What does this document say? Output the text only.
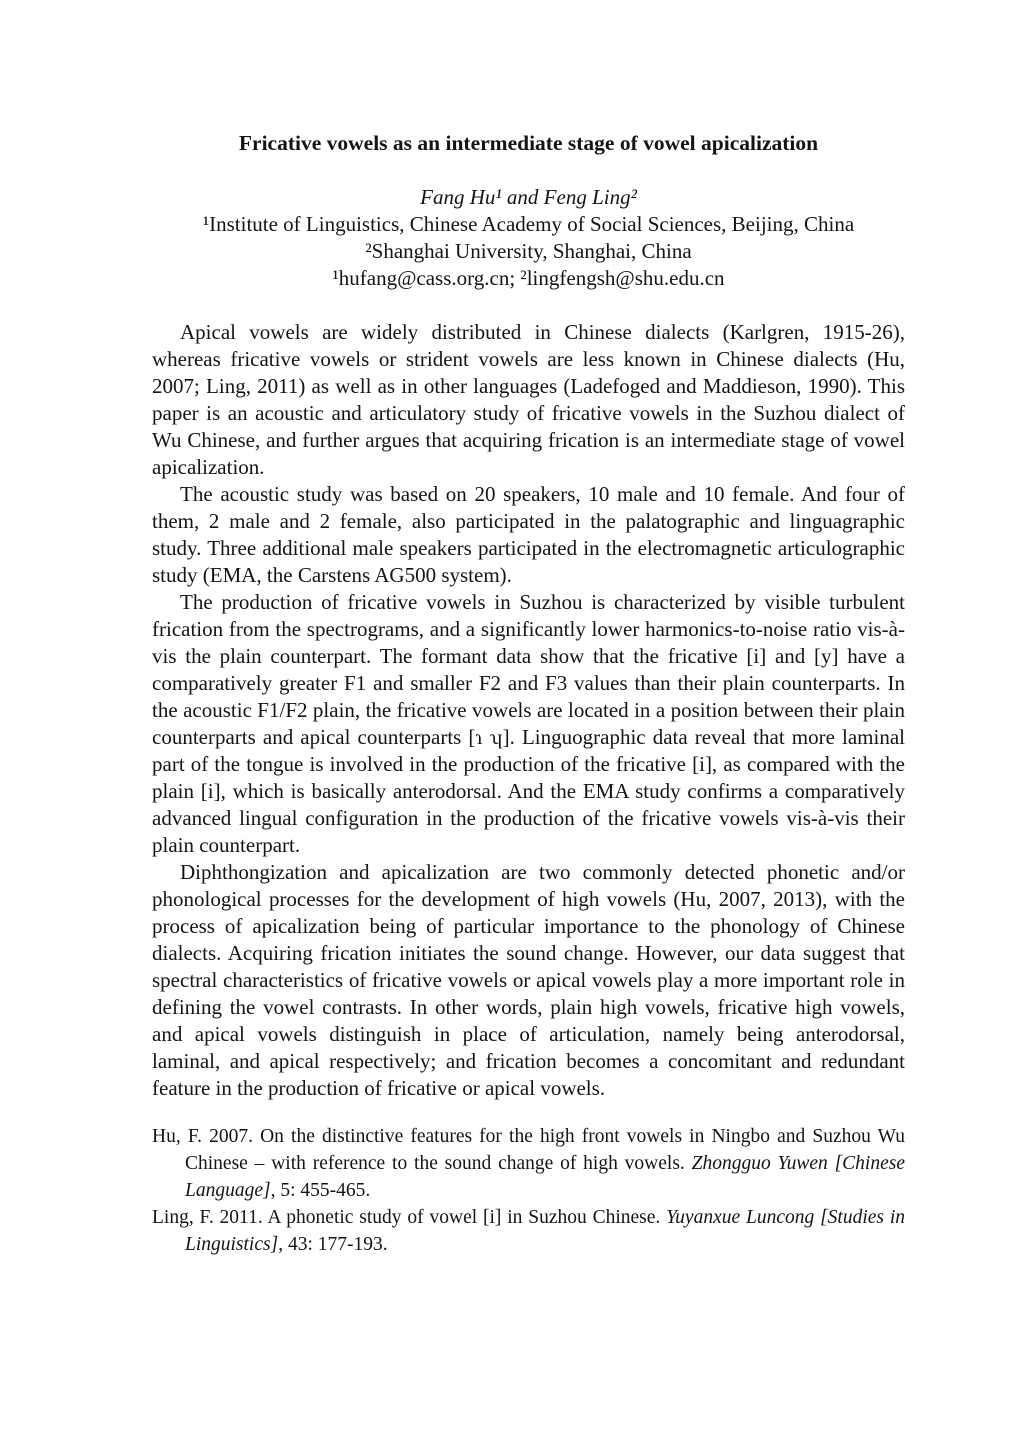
Fricative vowels as an intermediate stage of vowel apicalization
Fang Hu¹ and Feng Ling²
¹Institute of Linguistics, Chinese Academy of Social Sciences, Beijing, China
²Shanghai University, Shanghai, China
¹hufang@cass.org.cn; ²lingfengsh@shu.edu.cn

Apical vowels are widely distributed in Chinese dialects (Karlgren, 1915-26), whereas fricative vowels or strident vowels are less known in Chinese dialects (Hu, 2007; Ling, 2011) as well as in other languages (Ladefoged and Maddieson, 1990). This paper is an acoustic and articulatory study of fricative vowels in the Suzhou dialect of Wu Chinese, and further argues that acquiring frication is an intermediate stage of vowel apicalization.

The acoustic study was based on 20 speakers, 10 male and 10 female. And four of them, 2 male and 2 female, also participated in the palatographic and linguagraphic study. Three additional male speakers participated in the electromagnetic articulographic study (EMA, the Carstens AG500 system).

The production of fricative vowels in Suzhou is characterized by visible turbulent frication from the spectrograms, and a significantly lower harmonics-to-noise ratio vis-à-vis the plain counterpart. The formant data show that the fricative [i] and [y] have a comparatively greater F1 and smaller F2 and F3 values than their plain counterparts. In the acoustic F1/F2 plain, the fricative vowels are located in a position between their plain counterparts and apical counterparts [ɿ ʮ]. Linguographic data reveal that more laminal part of the tongue is involved in the production of the fricative [i], as compared with the plain [i], which is basically anterodorsal. And the EMA study confirms a comparatively advanced lingual configuration in the production of the fricative vowels vis-à-vis their plain counterpart.

Diphthongization and apicalization are two commonly detected phonetic and/or phonological processes for the development of high vowels (Hu, 2007, 2013), with the process of apicalization being of particular importance to the phonology of Chinese dialects. Acquiring frication initiates the sound change. However, our data suggest that spectral characteristics of fricative vowels or apical vowels play a more important role in defining the vowel contrasts. In other words, plain high vowels, fricative high vowels, and apical vowels distinguish in place of articulation, namely being anterodorsal, laminal, and apical respectively; and frication becomes a concomitant and redundant feature in the production of fricative or apical vowels.

Hu, F. 2007. On the distinctive features for the high front vowels in Ningbo and Suzhou Wu Chinese – with reference to the sound change of high vowels. Zhongguo Yuwen [Chinese Language], 5: 455-465.

Ling, F. 2011. A phonetic study of vowel [i] in Suzhou Chinese. Yuyanxue Luncong [Studies in Linguistics], 43: 177-193.
